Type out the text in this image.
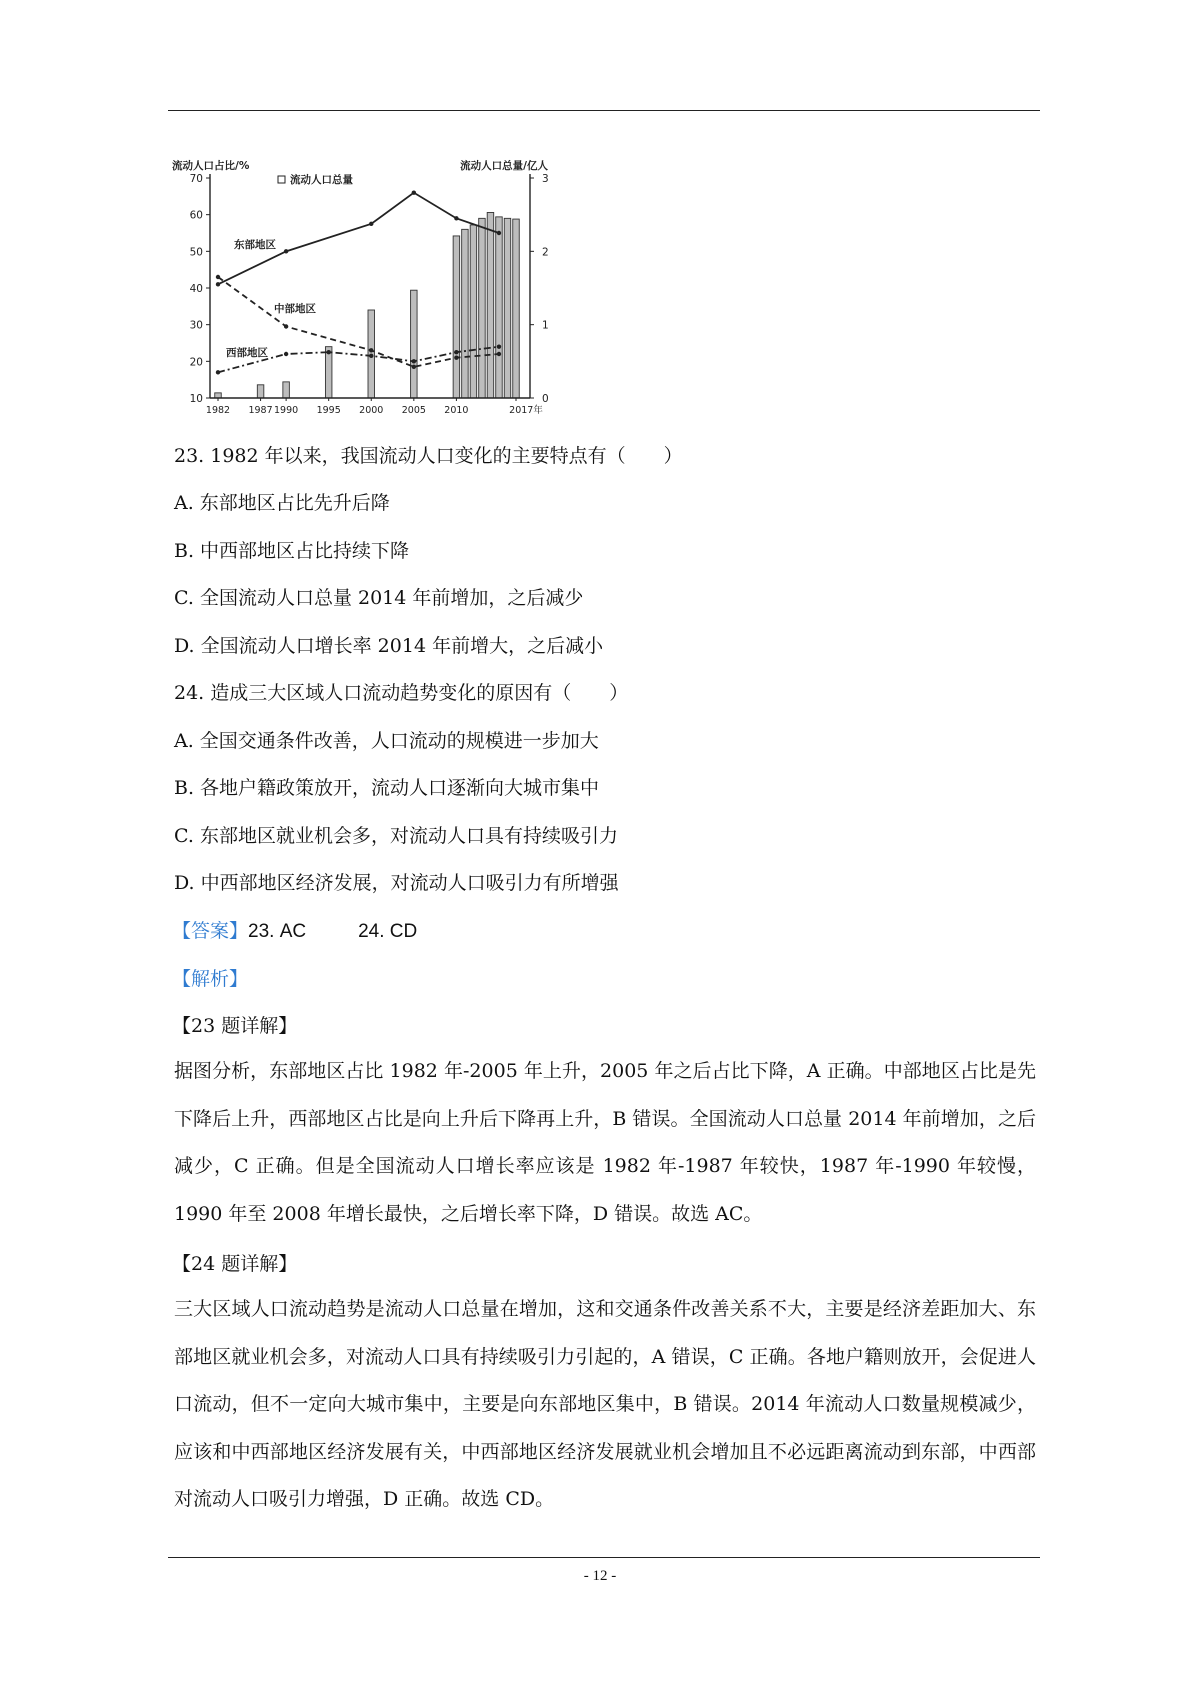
70
60
50
40
30
20
10
3
2
1
0
1982 1987 1990 1995 2000 2005 2010	2017年
流动人口占比/%	流动人口总量/亿人
流动人口总量
东部地区
中部地区
西部地区
23. 1982 年以来，我国流动人口变化的主要特点有（　　）
A. 东部地区占比先升后降
B. 中西部地区占比持续下降
C. 全国流动人口总量 2014 年前增加，之后减少
D. 全国流动人口增长率 2014 年前增大，之后减小
24. 造成三大区域人口流动趋势变化的原因有（　　）
A. 全国交通条件改善，人口流动的规模进一步加大
B. 各地户籍政策放开，流动人口逐渐向大城市集中
C. 东部地区就业机会多，对流动人口具有持续吸引力
D. 中西部地区经济发展，对流动人口吸引力有所增强
【答案】23. AC	24. CD
【解析】
【23 题详解】
据图分析，东部地区占比 1982 年-2005 年上升，2005 年之后占比下降，A 正确。中部地区占比是先下降后上升，西部地区占比是向上升后下降再上升，B 错误。全国流动人口总量 2014 年前增加，之后减少，C 正确。但是全国流动人口增长率应该是 1982 年-1987 年较快，1987 年-1990 年较慢，1990 年至 2008 年增长最快，之后增长率下降，D 错误。故选 AC。
【24 题详解】
三大区域人口流动趋势是流动人口总量在增加，这和交通条件改善关系不大，主要是经济差距加大、东部地区就业机会多，对流动人口具有持续吸引力引起的，A 错误，C 正确。各地户籍则放开，会促进人口流动，但不一定向大城市集中，主要是向东部地区集中，B 错误。2014 年流动人口数量规模减少，应该和中西部地区经济发展有关，中西部地区经济发展就业机会增加且不必远距离流动到东部，中西部对流动人口吸引力增强，D 正确。故选 CD。
- 12 -
